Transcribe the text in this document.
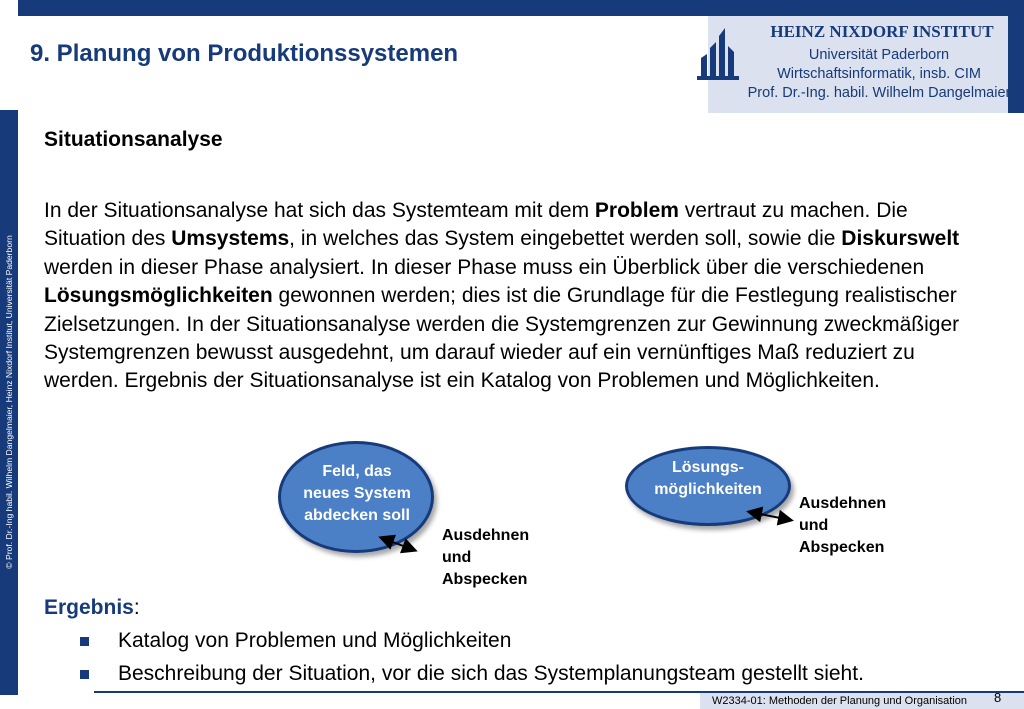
HEINZ NIXDORF INSTITUT
Universität Paderborn
Wirtschaftsinformatik, insb. CIM
Prof. Dr.-Ing. habil. Wilhelm Dangelmaier
© Prof. Dr.-Ing habil. Wilhelm Dangelmaier, Heinz Nixdorf Institut, Universität Paderborn
9. Planung von Produktionssystemen
Situationsanalyse

In der Situationsanalyse hat sich das Systemteam mit dem Problem vertraut zu machen. Die Situation des Umsystems, in welches das System eingebettet werden soll, sowie die Diskurswelt werden in dieser Phase analysiert. In dieser Phase muss ein Überblick über die verschiedenen Lösungsmöglichkeiten gewonnen werden; dies ist die Grundlage für die Festlegung realistischer Zielsetzungen. In der Situationsanalyse werden die Systemgrenzen zur Gewinnung zweckmäßiger Systemgrenzen bewusst ausgedehnt, um darauf wieder auf ein vernünftiges Maß reduziert zu werden. Ergebnis der Situationsanalyse ist ein Katalog von Problemen und Möglichkeiten.

Feld, das
neues System
abdecken soll
Lösungs-
möglichkeiten
Ausdehnen
und
Abspecken
Ausdehnen
und
Abspecken
Ergebnis:
Katalog von Problemen und Möglichkeiten
Beschreibung der Situation, vor die sich das Systemplanungsteam gestellt sieht.
W2334-01: Methoden der Planung und Organisation 8
